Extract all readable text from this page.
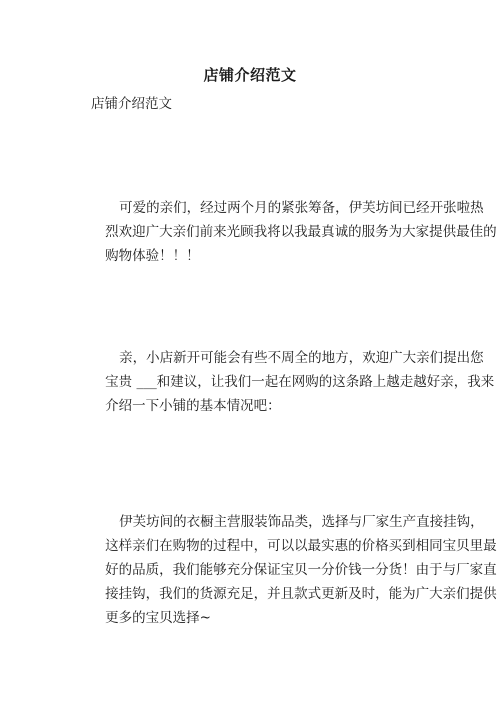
店铺介绍范文
店铺介绍范文
可爱的亲们，经过两个月的紧张筹备，伊芙坊间已经开张啦热
烈欢迎广大亲们前来光顾我将以我最真诚的服务为大家提供最佳的
购物体验！！！
亲，小店新开可能会有些不周全的地方，欢迎广大亲们提出您
宝贵 ___和建议，让我们一起在网购的这条路上越走越好亲，我来
介绍一下小铺的基本情况吧：
伊芙坊间的衣橱主营服装饰品类，选择与厂家生产直接挂钩，
这样亲们在购物的过程中，可以以最实惠的价格买到相同宝贝里最
好的品质，我们能够充分保证宝贝一分价钱一分货！由于与厂家直
接挂钩，我们的货源充足，并且款式更新及时，能为广大亲们提供
更多的宝贝选择~
